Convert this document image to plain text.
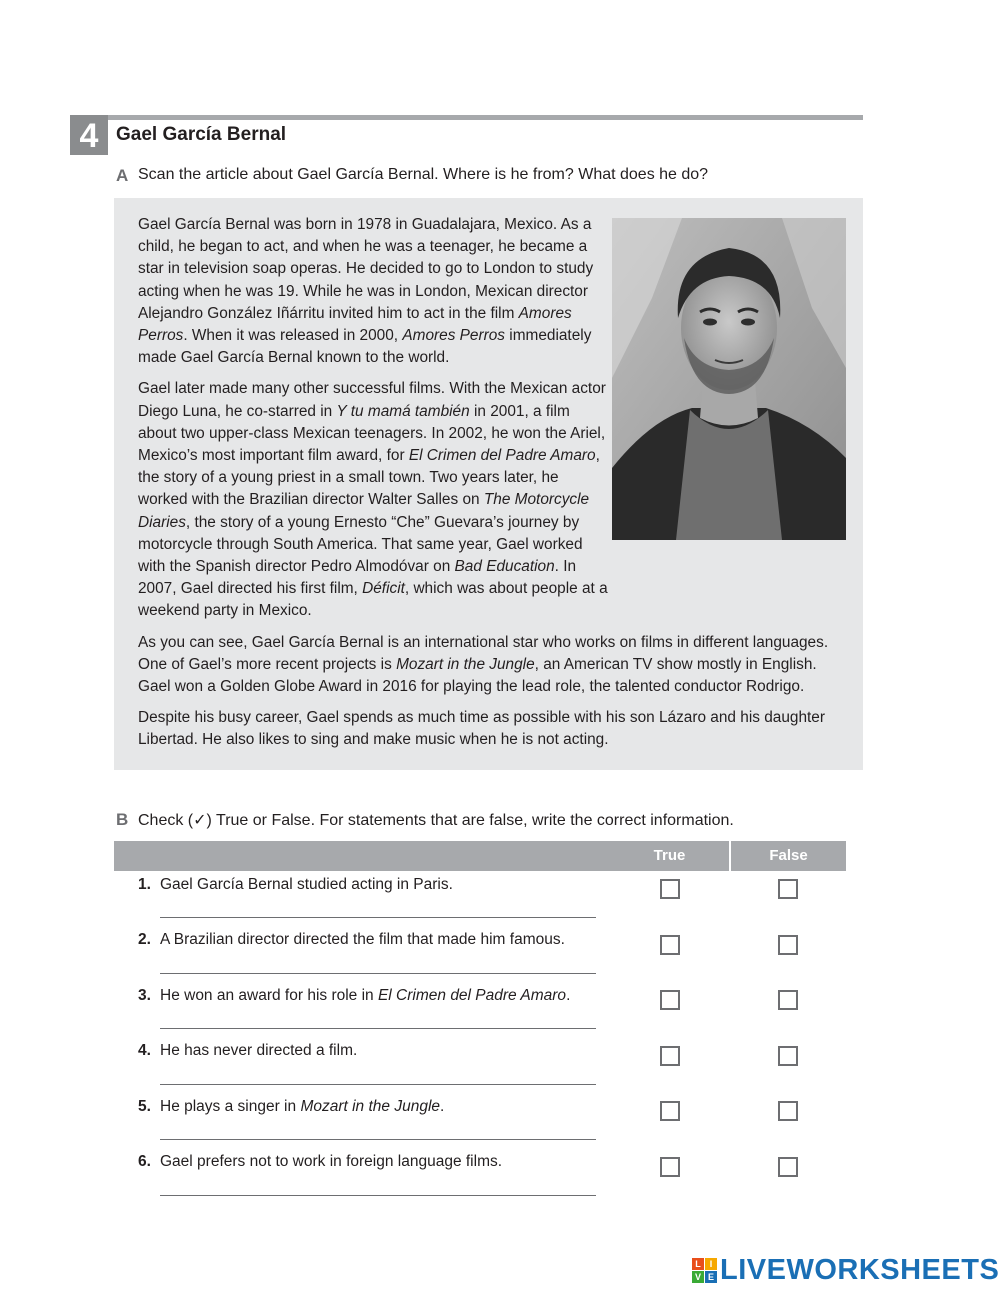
4 Gael García Bernal
A Scan the article about Gael García Bernal. Where is he from? What does he do?

Gael García Bernal was born in 1978 in Guadalajara, Mexico. As a child, he began to act, and when he was a teenager, he became a star in television soap operas. He decided to go to London to study acting when he was 19. While he was in London, Mexican director Alejandro González Iñárritu invited him to act in the film Amores Perros. When it was released in 2000, Amores Perros immediately made Gael García Bernal known to the world.

Gael later made many other successful films. With the Mexican actor Diego Luna, he co-starred in Y tu mamá también in 2001, a film about two upper-class Mexican teenagers. In 2002, he won the Ariel, Mexico’s most important film award, for El Crimen del Padre Amaro, the story of a young priest in a small town. Two years later, he worked with the Brazilian director Walter Salles on The Motorcycle Diaries, the story of a young Ernesto “Che” Guevara’s journey by motorcycle through South America. That same year, Gael worked with the Spanish director Pedro Almodóvar on Bad Education. In 2007, Gael directed his first film, Déficit, which was about people at a weekend party in Mexico.

As you can see, Gael García Bernal is an international star who works on films in different languages. One of Gael’s more recent projects is Mozart in the Jungle, an American TV show mostly in English. Gael won a Golden Globe Award in 2016 for playing the lead role, the talented conductor Rodrigo.

Despite his busy career, Gael spends as much time as possible with his son Lázaro and his daughter Libertad. He also likes to sing and make music when he is not acting.

B Check (✓) True or False. For statements that are false, write the correct information.
True	False
1. Gael García Bernal studied acting in Paris.
2. A Brazilian director directed the film that made him famous.
3. He won an award for his role in El Crimen del Padre Amaro.
4. He has never directed a film.
5. He plays a singer in Mozart in the Jungle.
6. Gael prefers not to work in foreign language films.
L I
V E LIVEWORKSHEETS
